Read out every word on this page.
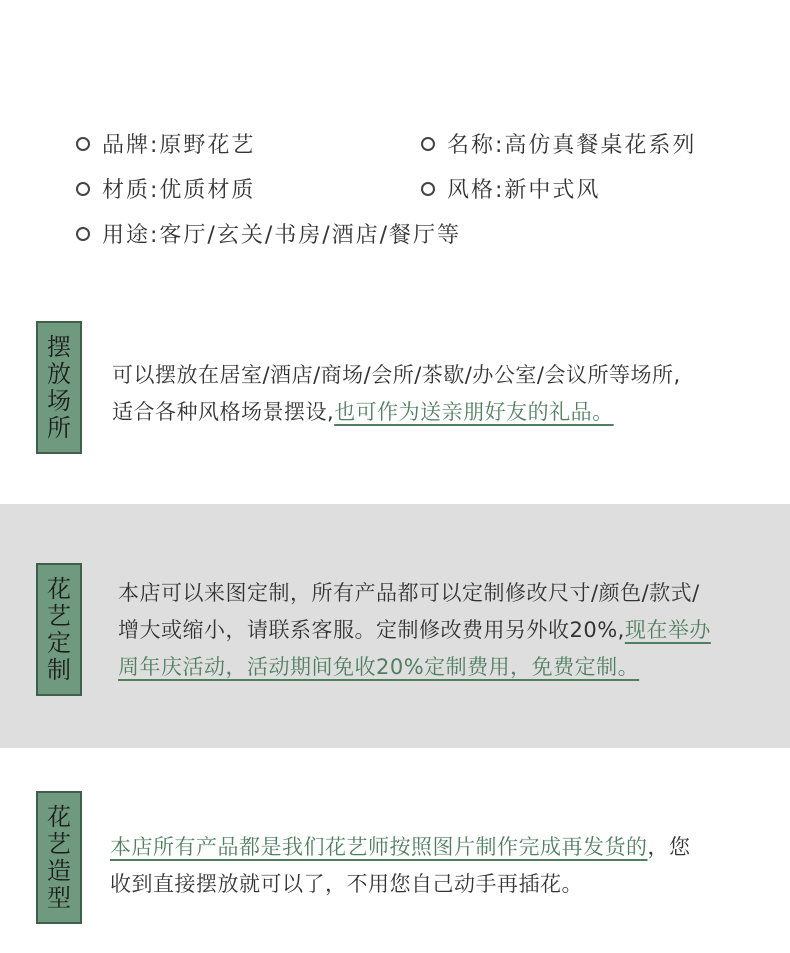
品牌:原野花艺	名称:高仿真餐桌花系列
材质:优质材质	风格:新中式风
用途:客厅/玄关/书房/酒店/餐厅等
摆
放
场
所
可以摆放在居室/酒店/商场/会所/茶歇/办公室/会议所等场所,
适合各种风格场景摆设,也可作为送亲朋好友的礼品。
花
艺
定
制
本店可以来图定制，所有产品都可以定制修改尺寸/颜色/款式/
增大或缩小，请联系客服。定制修改费用另外收20%,现在举办
周年庆活动，活动期间免收20%定制费用，免费定制。
花
艺
造
型
本店所有产品都是我们花艺师按照图片制作完成再发货的，您
收到直接摆放就可以了，不用您自己动手再插花。
